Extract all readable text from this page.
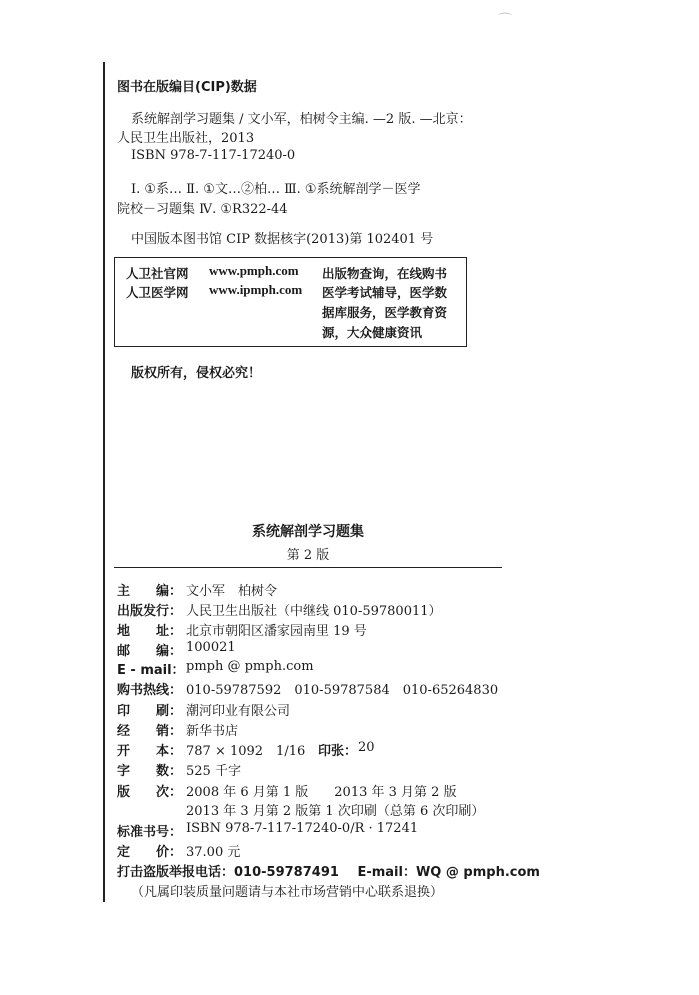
⌒
图书在版编目(CIP)数据
系统解剖学习题集 / 文小军，柏树令主编. —2 版. —北京：
人民卫生出版社，2013
ISBN 978-7-117-17240-0
Ⅰ. ①系… Ⅱ. ①文…②柏… Ⅲ. ①系统解剖学－医学
院校－习题集 Ⅳ. ①R322-44
中国版本图书馆 CIP 数据核字(2013)第 102401 号
人卫社官网 www.pmph.com 出版物查询，在线购书
人卫医学网 www.ipmph.com 医学考试辅导，医学数
据库服务，医学教育资
源，大众健康资讯
版权所有，侵权必究！
系统解剖学习题集
第 2 版
主　　编： 文小军　柏树令
出版发行： 人民卫生出版社（中继线 010-59780011）
地　　址： 北京市朝阳区潘家园南里 19 号
邮　　编： 100021
E - mail： pmph @ pmph.com
购书热线： 010-59787592　010-59787584　010-65264830
印　　刷： 潮河印业有限公司
经　　销： 新华书店
开　　本： 787 × 1092　1/16 印张： 20
字　　数： 525 千字
版　　次： 2008 年 6 月第 1 版　　2013 年 3 月第 2 版
2013 年 3 月第 2 版第 1 次印刷（总第 6 次印刷）
标准书号： ISBN 978-7-117-17240-0/R · 17241
定　　价： 37.00 元
打击盗版举报电话：010-59787491 E-mail：WQ @ pmph.com
（凡属印装质量问题请与本社市场营销中心联系退换）
